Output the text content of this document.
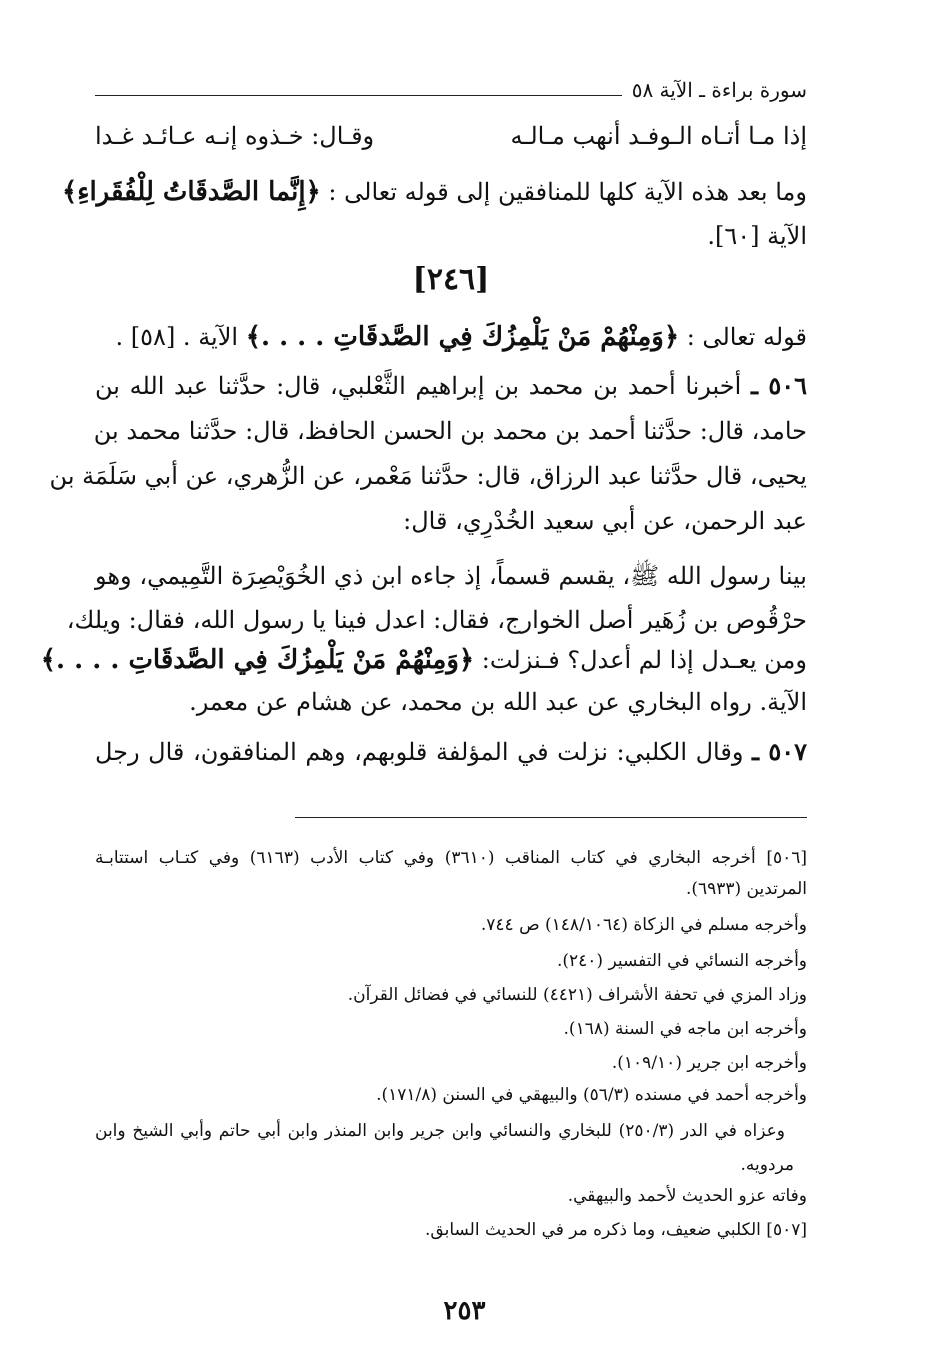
سورة براءة ـ الآية ٥٨
إذا مـا أتـاه الـوفـد أنهب مـالـه
وقـال: خـذوه إنـه عـائـد غـدا
وما بعد هذه الآية كلها للمنافقين إلى قوله تعالى : ﴿إِنَّما الصَّدقَاتُ لِلْفُقَراءِ﴾
الآية [٦٠].
[٢٤٦]
قوله تعالى : ﴿وَمِنْهُمْ مَنْ يَلْمِزُكَ فِي الصَّدقَاتِ . . . .﴾ الآية . [٥٨] .
٥٠٦ ـ أخبرنا أحمد بن محمد بن إبراهيم الثَّعْلبي، قال: حدَّثنا عبد الله بن
حامد، قال: حدَّثنا أحمد بن محمد بن الحسن الحافظ، قال: حدَّثنا محمد بن
يحيى، قال حدَّثنا عبد الرزاق، قال: حدَّثنا مَعْمر، عن الزُّهري، عن أبي سَلَمَة بن
عبد الرحمن، عن أبي سعيد الخُدْرِي، قال:
بينا رسول الله ﷺ، يقسم قسماً، إذ جاءه ابن ذي الخُوَيْصِرَة التَّمِيمي، وهو
حرْقُوص بن زُهَير أصل الخوارج، فقال: اعدل فينا يا رسول الله، فقال: ويلك،
ومن يعـدل إذا لم أعدل؟ فـنزلت: ﴿وَمِنْهُمْ مَنْ يَلْمِزُكَ فِي الصَّدقَاتِ . . . .﴾
الآية. رواه البخاري عن عبد الله بن محمد، عن هشام عن معمر.
٥٠٧ ـ وقال الكلبي: نزلت في المؤلفة قلوبهم، وهم المنافقون، قال رجل
[٥٠٦] أخرجه البخاري في كتاب المناقب (٣٦١٠) وفي كتاب الأدب (٦١٦٣) وفي كتـاب استتابـة
المرتدين (٦٩٣٣).
وأخرجه مسلم في الزكاة (١٤٨/١٠٦٤) ص ٧٤٤.
وأخرجه النسائي في التفسير (٢٤٠).
وزاد المزي في تحفة الأشراف (٤٤٢١) للنسائي في فضائل القرآن.
وأخرجه ابن ماجه في السنة (١٦٨).
وأخرجه ابن جرير (١٠٩/١٠).
وأخرجه أحمد في مسنده (٥٦/٣) والبيهقي في السنن (١٧١/٨).
وعزاه في الدر (٢٥٠/٣) للبخاري والنسائي وابن جرير وابن المنذر وابن أبي حاتم وأبي الشيخ وابن
مردويه.
وفاته عزو الحديث لأحمد والبيهقي.
[٥٠٧] الكلبي ضعيف، وما ذكره مر في الحديث السابق.
٢٥٣
